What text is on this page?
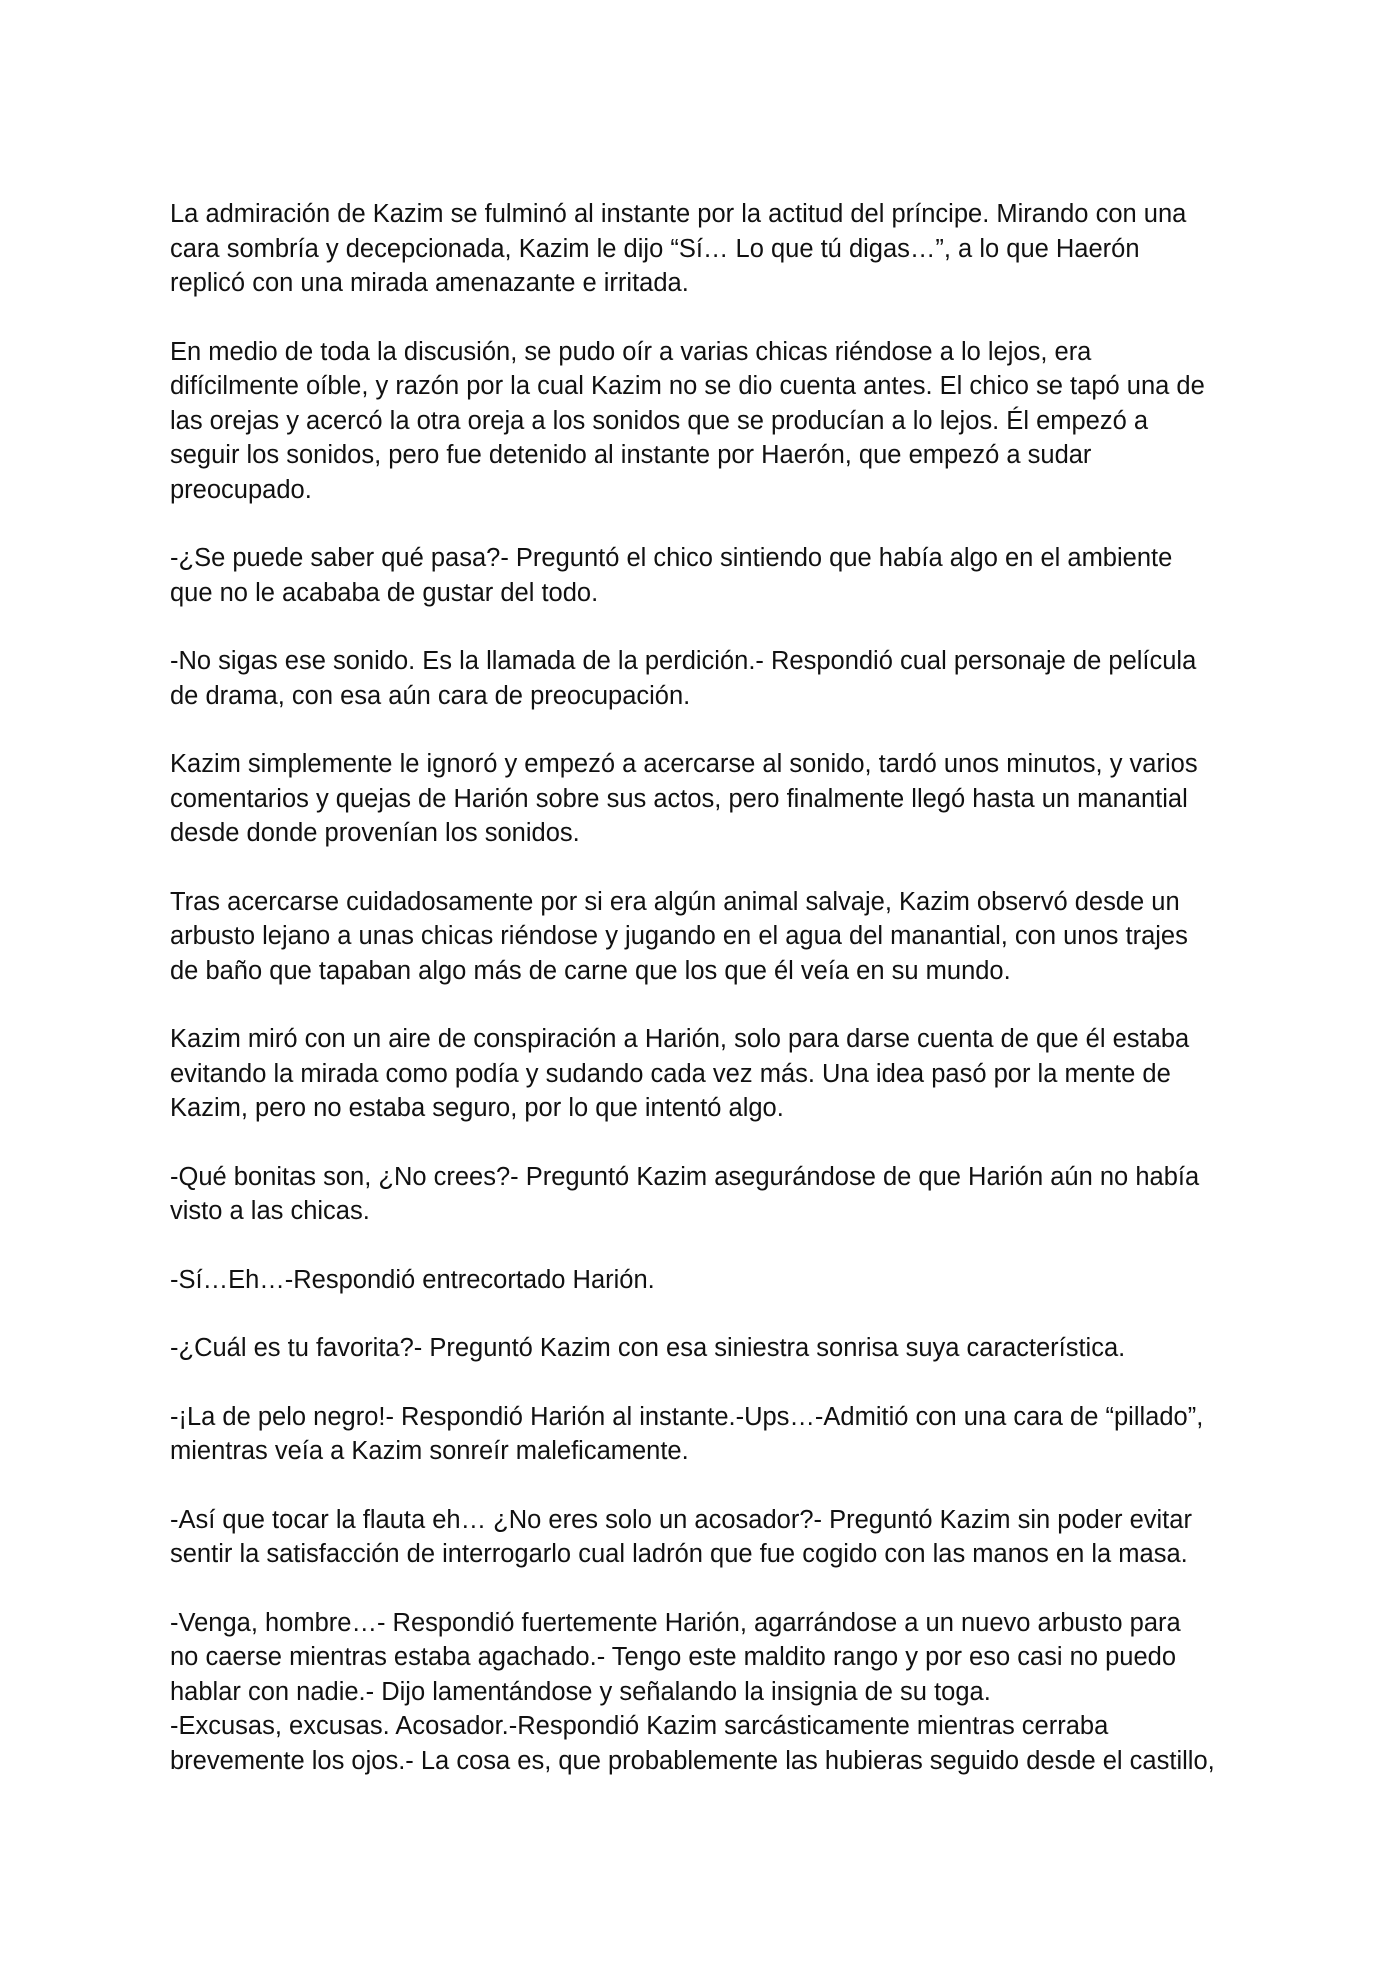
La admiración de Kazim se fulminó al instante por la actitud del príncipe. Mirando con una
cara sombría y decepcionada, Kazim le dijo “Sí… Lo que tú digas…”, a lo que Haerón
replicó con una mirada amenazante e irritada.

En medio de toda la discusión, se pudo oír a varias chicas riéndose a lo lejos, era
difícilmente oíble, y razón por la cual Kazim no se dio cuenta antes. El chico se tapó una de
las orejas y acercó la otra oreja a los sonidos que se producían a lo lejos. Él empezó a
seguir los sonidos, pero fue detenido al instante por Haerón, que empezó a sudar
preocupado.

-¿Se puede saber qué pasa?- Preguntó el chico sintiendo que había algo en el ambiente
que no le acababa de gustar del todo.

-No sigas ese sonido. Es la llamada de la perdición.- Respondió cual personaje de película
de drama, con esa aún cara de preocupación.

Kazim simplemente le ignoró y empezó a acercarse al sonido, tardó unos minutos, y varios
comentarios y quejas de Harión sobre sus actos, pero finalmente llegó hasta un manantial
desde donde provenían los sonidos.

Tras acercarse cuidadosamente por si era algún animal salvaje, Kazim observó desde un
arbusto lejano a unas chicas riéndose y jugando en el agua del manantial, con unos trajes
de baño que tapaban algo más de carne que los que él veía en su mundo.

Kazim miró con un aire de conspiración a Harión, solo para darse cuenta de que él estaba
evitando la mirada como podía y sudando cada vez más. Una idea pasó por la mente de
Kazim, pero no estaba seguro, por lo que intentó algo.

-Qué bonitas son, ¿No crees?- Preguntó Kazim asegurándose de que Harión aún no había
visto a las chicas.

-Sí…Eh…-Respondió entrecortado Harión.

-¿Cuál es tu favorita?- Preguntó Kazim con esa siniestra sonrisa suya característica.

-¡La de pelo negro!- Respondió Harión al instante.-Ups…-Admitió con una cara de “pillado”,
mientras veía a Kazim sonreír maleficamente.

-Así que tocar la flauta eh… ¿No eres solo un acosador?- Preguntó Kazim sin poder evitar
sentir la satisfacción de interrogarlo cual ladrón que fue cogido con las manos en la masa.

-Venga, hombre…- Respondió fuertemente Harión, agarrándose a un nuevo arbusto para
no caerse mientras estaba agachado.- Tengo este maldito rango y por eso casi no puedo
hablar con nadie.- Dijo lamentándose y señalando la insignia de su toga.

-Excusas, excusas. Acosador.-Respondió Kazim sarcásticamente mientras cerraba
brevemente los ojos.- La cosa es, que probablemente las hubieras seguido desde el castillo,
